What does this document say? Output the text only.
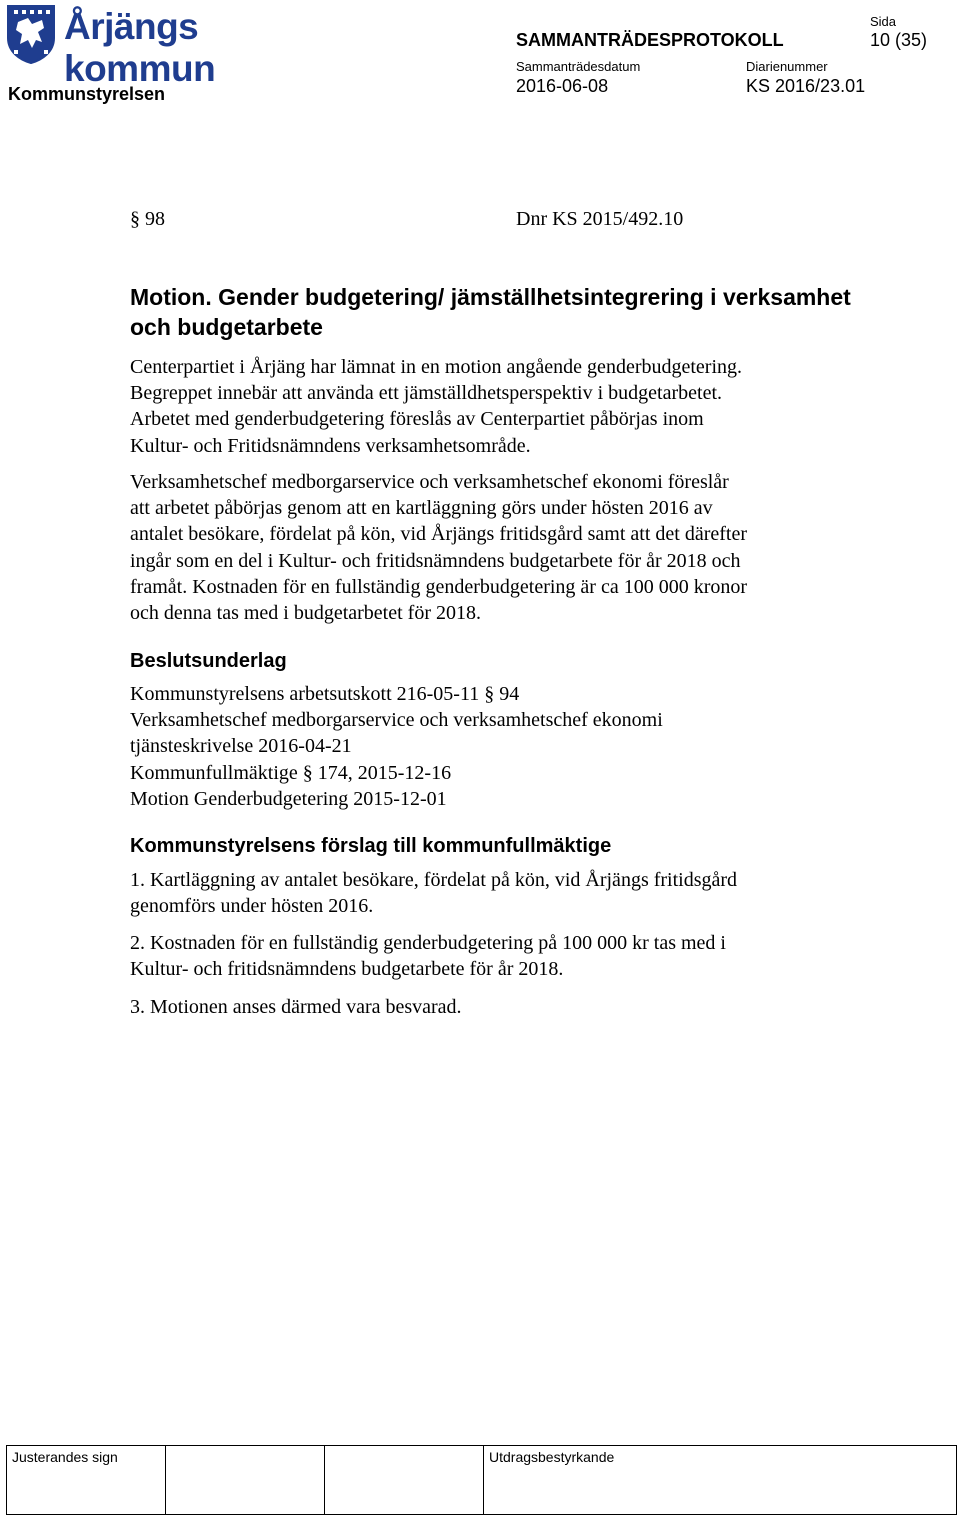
Årjängs kommun
Kommunstyrelsen
SAMMANTRÄDESPROTOKOLL
Sida
10 (35)
Sammanträdesdatum
2016-06-08
Diarienummer
KS 2016/23.01
§ 98	Dnr KS 2015/492.10
Motion. Gender budgetering/ jämställhetsintegrering i verksamhet och budgetarbete
Centerpartiet i Årjäng har lämnat in en motion angående genderbudgetering.
Begreppet innebär att använda ett jämställdhetsperspektiv i budgetarbetet.
Arbetet med genderbudgetering föreslås av Centerpartiet påbörjas inom
Kultur- och Fritidsnämndens verksamhetsområde.
Verksamhetschef medborgarservice och verksamhetschef ekonomi föreslår
att arbetet påbörjas genom att en kartläggning görs under hösten 2016 av
antalet besökare, fördelat på kön, vid Årjängs fritidsgård samt att det därefter
ingår som en del i Kultur- och fritidsnämndens budgetarbete för år 2018 och
framåt. Kostnaden för en fullständig genderbudgetering är ca 100 000 kronor
och denna tas med i budgetarbetet för 2018.
Beslutsunderlag
Kommunstyrelsens arbetsutskott 216-05-11 § 94
Verksamhetschef medborgarservice och verksamhetschef ekonomi
tjänsteskrivelse 2016-04-21
Kommunfullmäktige § 174, 2015-12-16
Motion Genderbudgetering 2015-12-01
Kommunstyrelsens förslag till kommunfullmäktige
1. Kartläggning av antalet besökare, fördelat på kön, vid Årjängs fritidsgård
genomförs under hösten 2016.
2. Kostnaden för en fullständig genderbudgetering på 100 000 kr tas med i
Kultur- och fritidsnämndens budgetarbete för år 2018.
3. Motionen anses därmed vara besvarad.
Justerandes sign			Utdragsbestyrkande
